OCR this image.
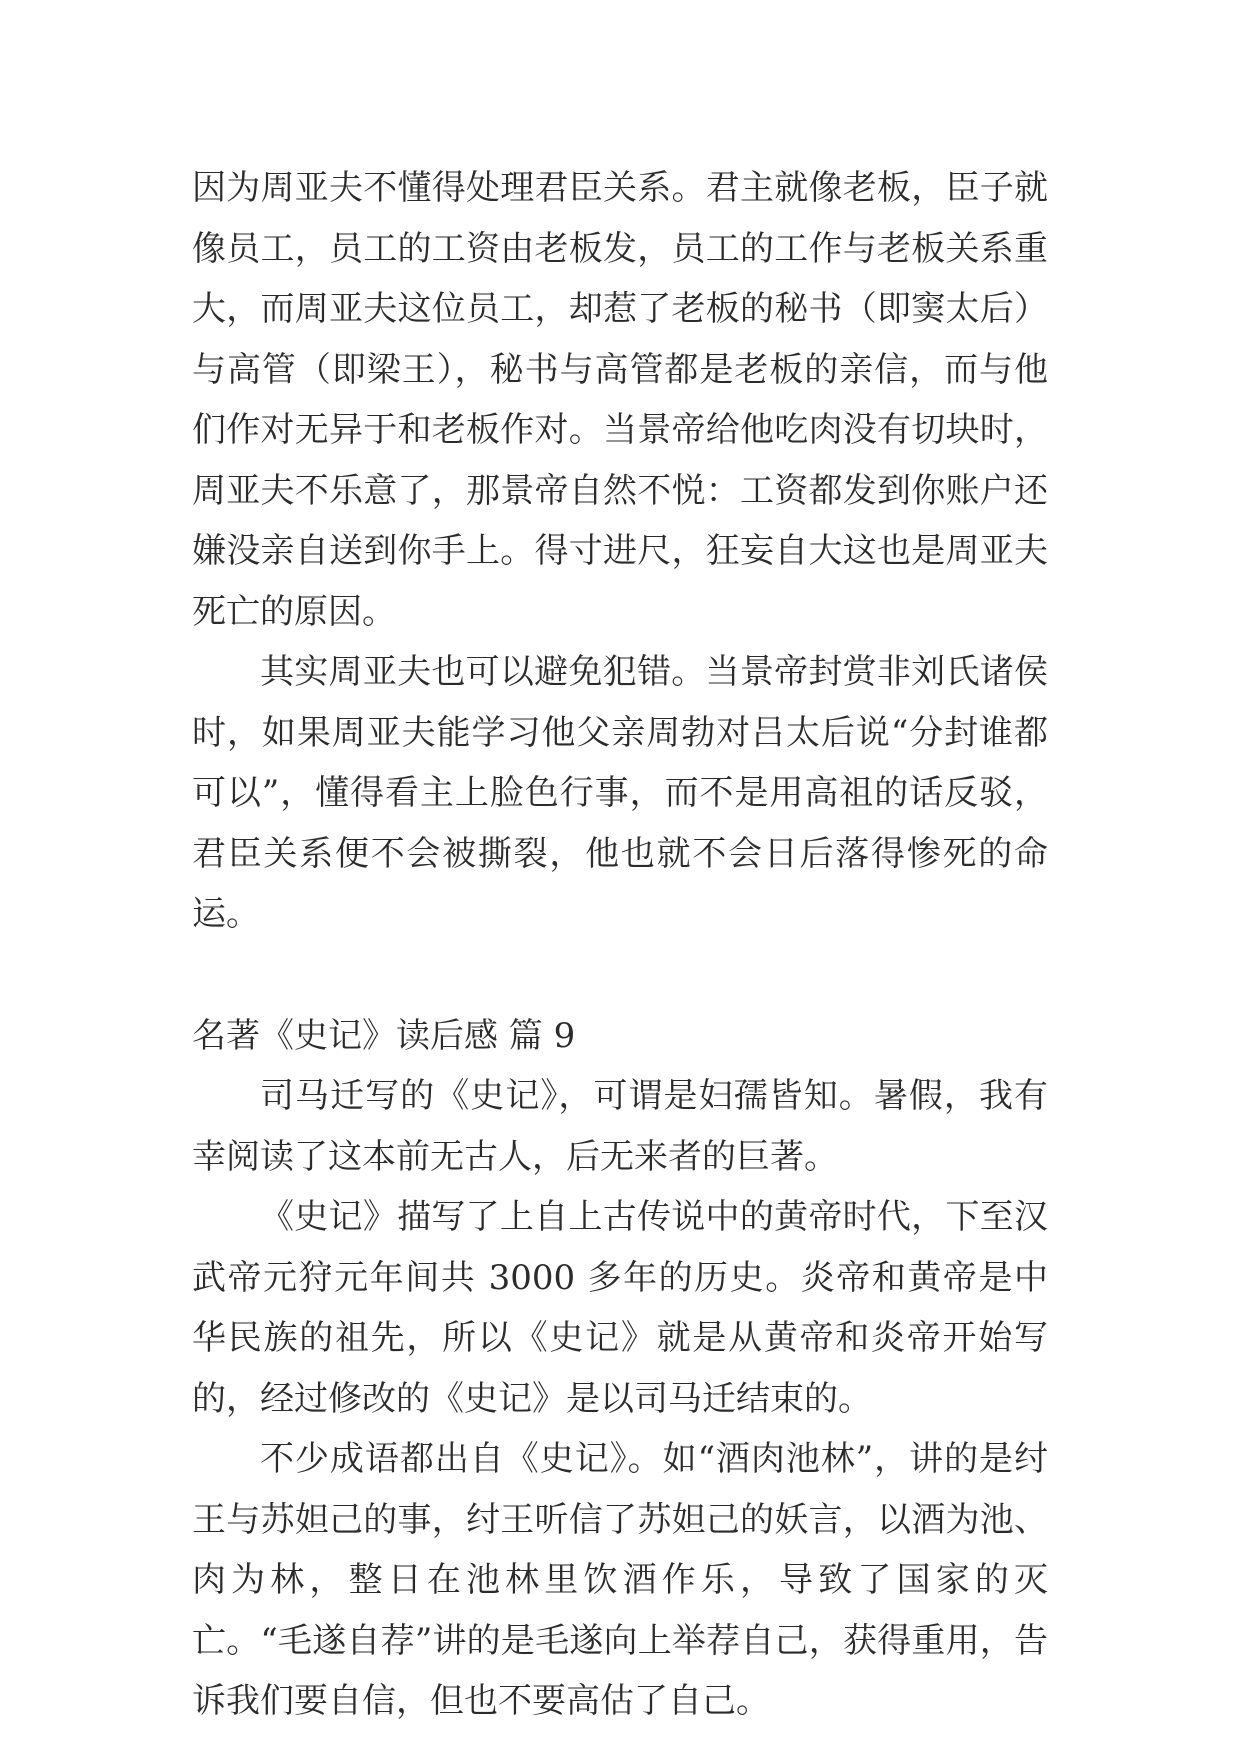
因为周亚夫不懂得处理君臣关系。君主就像老板，臣子就像员工，员工的工资由老板发，员工的工作与老板关系重大，而周亚夫这位员工，却惹了老板的秘书（即窦太后）与高管（即梁王），秘书与高管都是老板的亲信，而与他们作对无异于和老板作对。当景帝给他吃肉没有切块时，周亚夫不乐意了，那景帝自然不悦：工资都发到你账户还嫌没亲自送到你手上。得寸进尺，狂妄自大这也是周亚夫死亡的原因。

其实周亚夫也可以避免犯错。当景帝封赏非刘氏诸侯时，如果周亚夫能学习他父亲周勃对吕太后说“分封谁都可以”，懂得看主上脸色行事，而不是用高祖的话反驳，君臣关系便不会被撕裂，他也就不会日后落得惨死的命运。

名著《史记》读后感 篇 9

司马迁写的《史记》，可谓是妇孺皆知。暑假，我有幸阅读了这本前无古人，后无来者的巨著。

《史记》描写了上自上古传说中的黄帝时代，下至汉武帝元狩元年间共 3000 多年的历史。炎帝和黄帝是中华民族的祖先，所以《史记》就是从黄帝和炎帝开始写的，经过修改的《史记》是以司马迁结束的。

不少成语都出自《史记》。如“酒肉池林”，讲的是纣王与苏妲己的事，纣王听信了苏妲己的妖言，以酒为池、肉为林，整日在池林里饮酒作乐，导致了国家的灭亡。“毛遂自荐”讲的是毛遂向上举荐自己，获得重用，告诉我们要自信，但也不要高估了自己。
